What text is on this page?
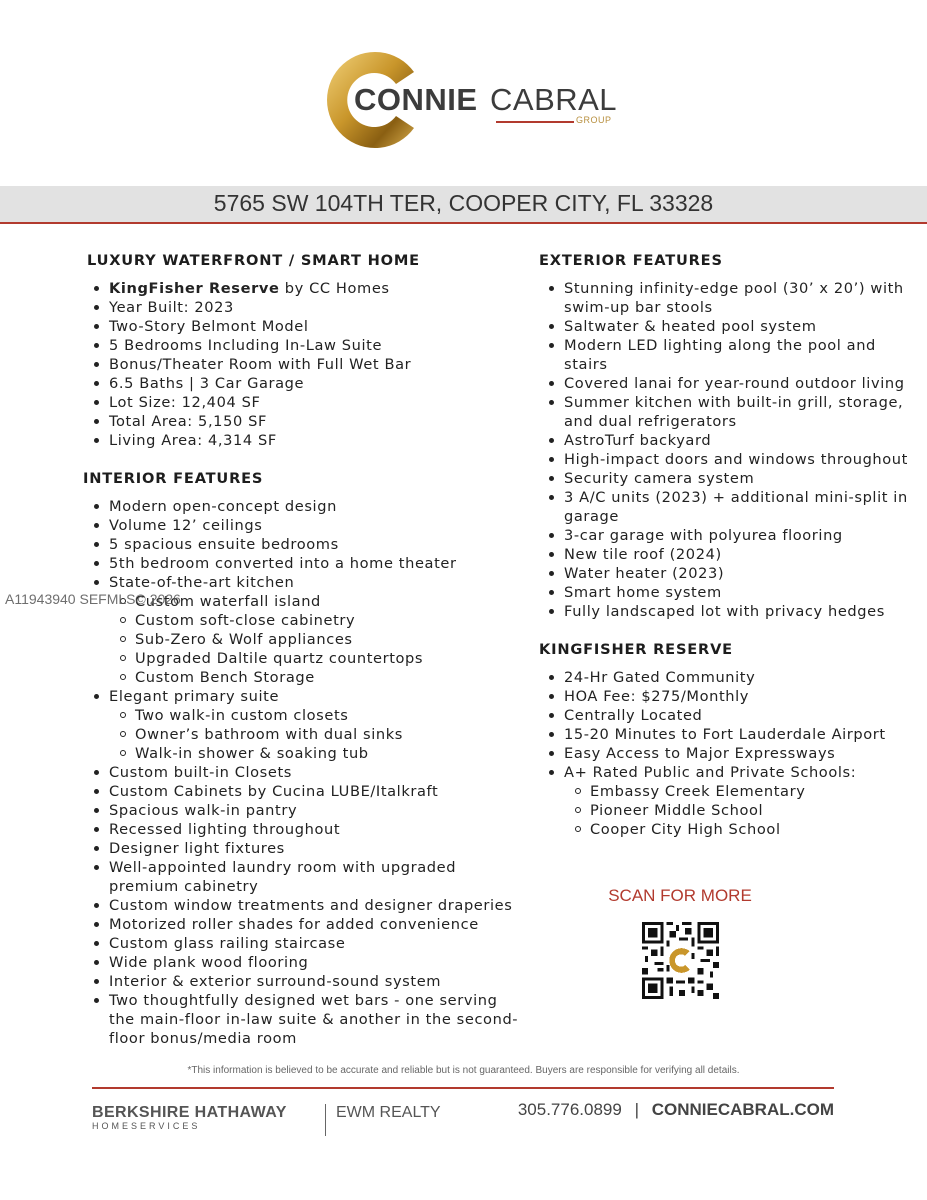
CONNIE CABRAL
GROUP
5765 SW 104TH TER, COOPER CITY, FL 33328
LUXURY WATERFRONT / SMART HOME
KingFisher Reserve by CC Homes
Year Built: 2023
Two-Story Belmont Model
5 Bedrooms Including In-Law Suite
Bonus/Theater Room with Full Wet Bar
6.5 Baths | 3 Car Garage
Lot Size: 12,404 SF
Total Area: 5,150 SF
Living Area: 4,314 SF
INTERIOR FEATURES
Modern open-concept design
Volume 12’ ceilings
5 spacious ensuite bedrooms
5th bedroom converted into a home theater
State-of-the-art kitchen
Custom waterfall island
Custom soft-close cabinetry
Sub-Zero & Wolf appliances
Upgraded Daltile quartz countertops
Custom Bench Storage
Elegant primary suite
Two walk-in custom closets
Owner’s bathroom with dual sinks
Walk-in shower & soaking tub
Custom built-in Closets
Custom Cabinets by Cucina LUBE/Italkraft
Spacious walk-in pantry
Recessed lighting throughout
Designer light fixtures
Well-appointed laundry room with upgraded premium cabinetry
Custom window treatments and designer draperies
Motorized roller shades for added convenience
Custom glass railing staircase
Wide plank wood flooring
Interior & exterior surround-sound system
Two thoughtfully designed wet bars - one serving the main-floor in-law suite & another in the second-floor bonus/media room
EXTERIOR FEATURES
Stunning infinity-edge pool (30’ x 20’) with swim-up bar stools
Saltwater & heated pool system
Modern LED lighting along the pool and stairs
Covered lanai for year-round outdoor living
Summer kitchen with built-in grill, storage, and dual refrigerators
AstroTurf backyard
High-impact doors and windows throughout
Security camera system
3 A/C units (2023) + additional mini-split in garage
3-car garage with polyurea flooring
New tile roof (2024)
Water heater (2023)
Smart home system
Fully landscaped lot with privacy hedges
KINGFISHER RESERVE
24-Hr Gated Community
HOA Fee: $275/Monthly
Centrally Located
15-20 Minutes to Fort Lauderdale Airport
Easy Access to Major Expressways
A+ Rated Public and Private Schools:
Embassy Creek Elementary
Pioneer Middle School
Cooper City High School
SCAN FOR MORE
A11943940 SEFMLS© 2026
*This information is believed to be accurate and reliable but is not guaranteed. Buyers are responsible for verifying all details.
BERKSHIRE HATHAWAY
HOMESERVICES
EWM REALTY	305.776.0899 | CONNIECABRAL.COM
